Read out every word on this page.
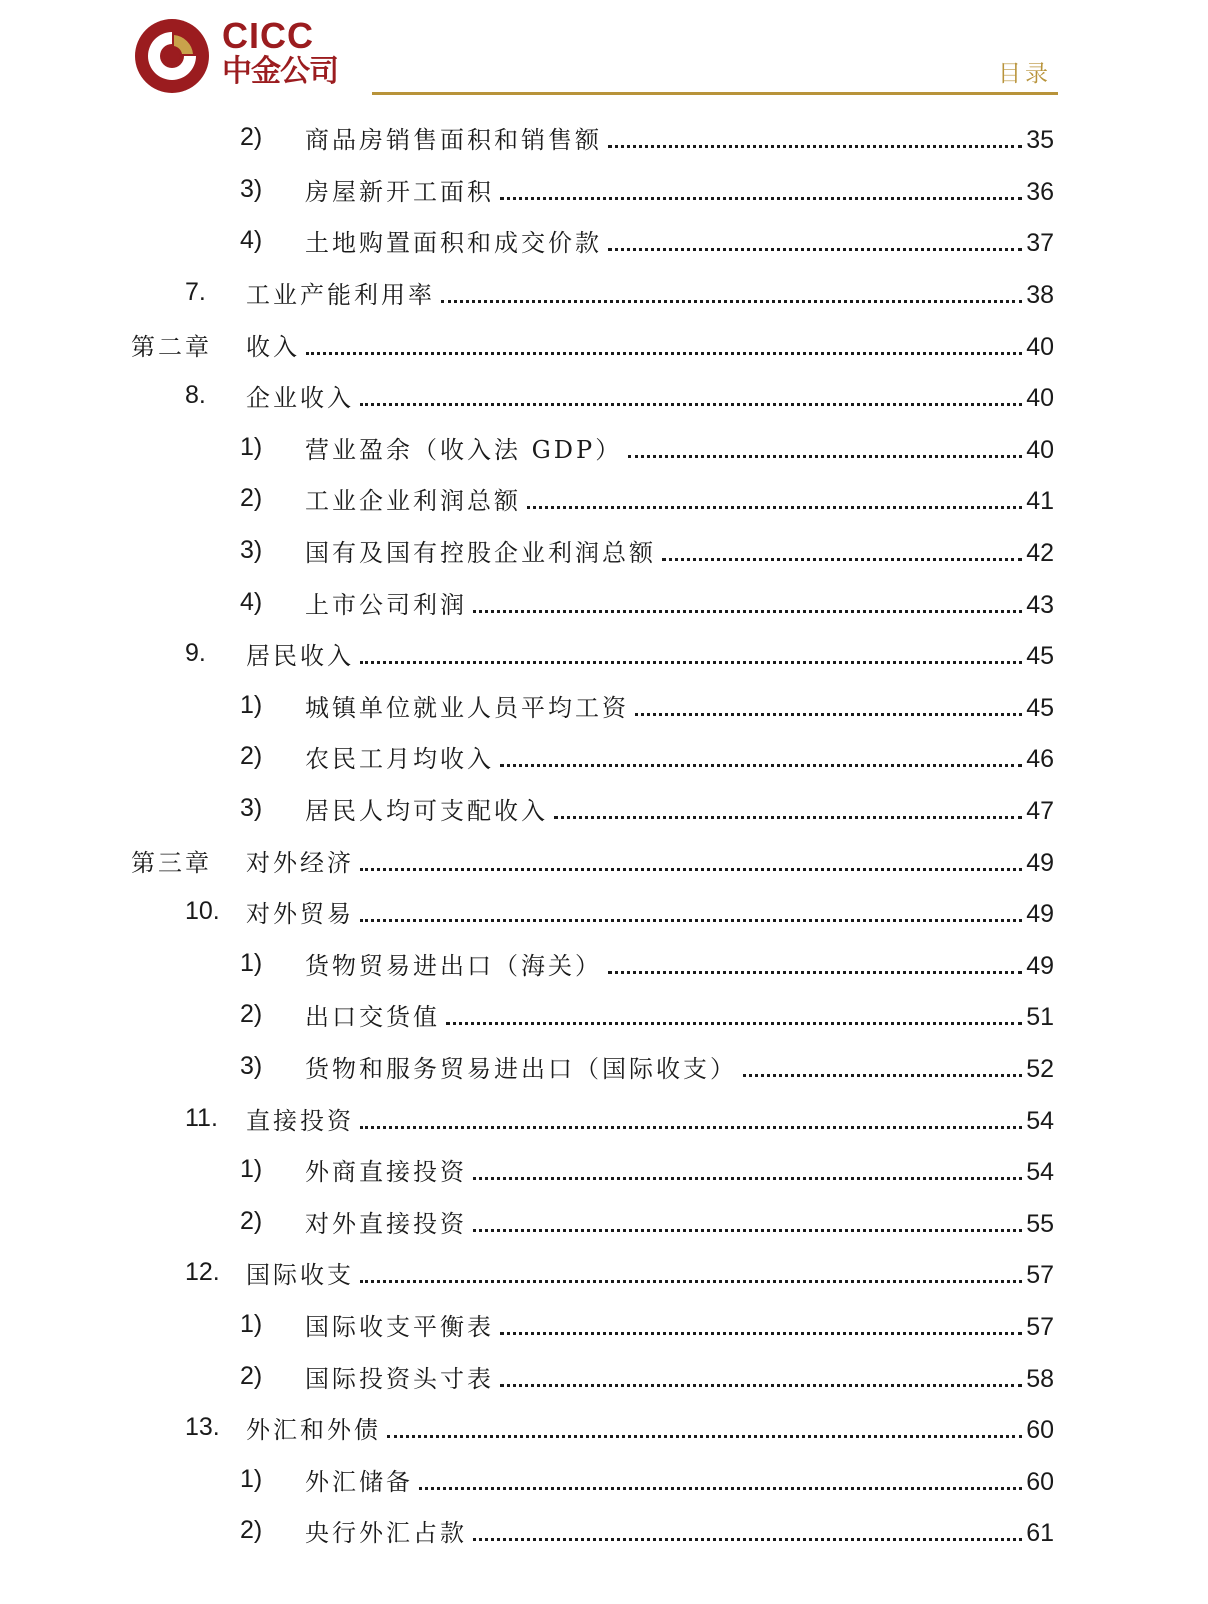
CICC
中金公司	目录
2) 商品房销售面积和销售额	35
3) 房屋新开工面积	36
4) 土地购置面积和成交价款	37
7. 工业产能利用率	38
第二章 收入	40
8. 企业收入	40
1) 营业盈余（收入法 GDP）	40
2) 工业企业利润总额	41
3) 国有及国有控股企业利润总额	42
4) 上市公司利润	43
9. 居民收入	45
1) 城镇单位就业人员平均工资	45
2) 农民工月均收入	46
3) 居民人均可支配收入	47
第三章 对外经济	49
10. 对外贸易	49
1) 货物贸易进出口（海关）	49
2) 出口交货值	51
3) 货物和服务贸易进出口（国际收支）	52
11. 直接投资	54
1) 外商直接投资	54
2) 对外直接投资	55
12. 国际收支	57
1) 国际收支平衡表	57
2) 国际投资头寸表	58
13. 外汇和外债	60
1) 外汇储备	60
2) 央行外汇占款	61
